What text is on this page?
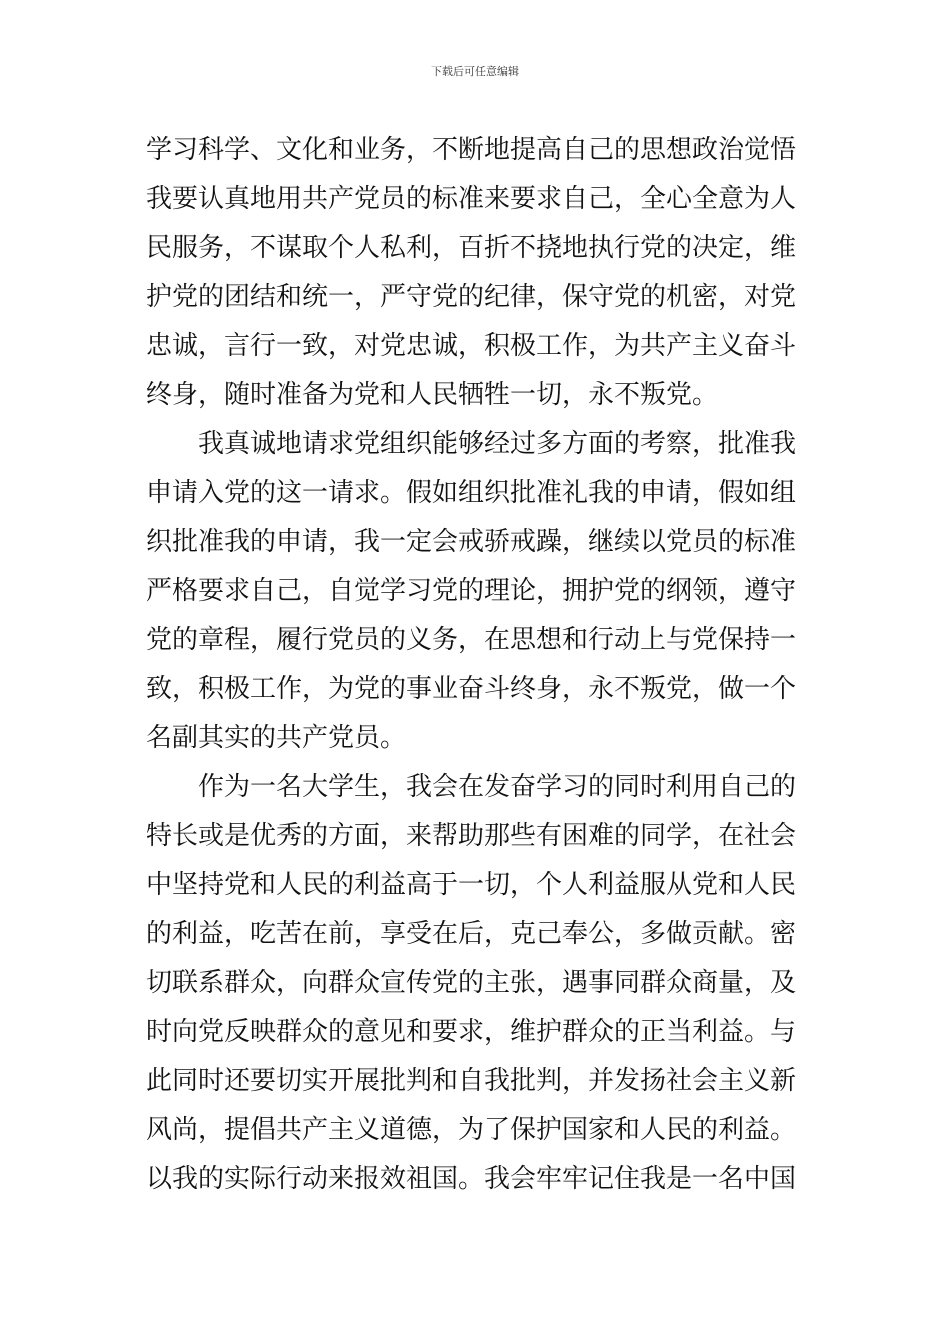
下载后可任意编辑
学习科学、文化和业务，不断地提高自己的思想政治觉悟
我要认真地用共产党员的标准来要求自己，全心全意为人
民服务，不谋取个人私利，百折不挠地执行党的决定，维
护党的团结和统一，严守党的纪律，保守党的机密，对党
忠诚，言行一致，对党忠诚，积极工作，为共产主义奋斗
终身，随时准备为党和人民牺牲一切，永不叛党。
我真诚地请求党组织能够经过多方面的考察，批准我
申请入党的这一请求。假如组织批准礼我的申请，假如组
织批准我的申请，我一定会戒骄戒躁，继续以党员的标准
严格要求自己，自觉学习党的理论，拥护党的纲领，遵守
党的章程，履行党员的义务，在思想和行动上与党保持一
致，积极工作，为党的事业奋斗终身，永不叛党，做一个
名副其实的共产党员。
作为一名大学生，我会在发奋学习的同时利用自己的
特长或是优秀的方面，来帮助那些有困难的同学，在社会
中坚持党和人民的利益高于一切，个人利益服从党和人民
的利益，吃苦在前，享受在后，克己奉公，多做贡献。密
切联系群众，向群众宣传党的主张，遇事同群众商量，及
时向党反映群众的意见和要求，维护群众的正当利益。与
此同时还要切实开展批判和自我批判，并发扬社会主义新
风尚，提倡共产主义道德，为了保护国家和人民的利益。
以我的实际行动来报效祖国。我会牢牢记住我是一名中国
